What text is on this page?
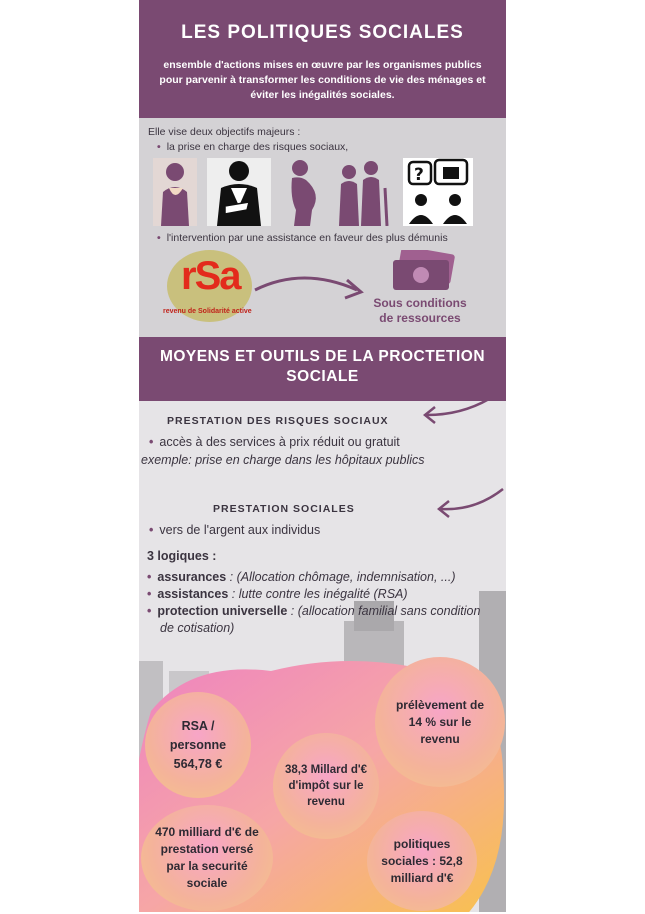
LES POLITIQUES SOCIALES

ensemble d'actions mises en œuvre par les organismes publics pour parvenir à transformer les conditions de vie des ménages et éviter les inégalités sociales.

Elle vise deux objectifs majeurs :
• la prise en charge des risques sociaux,
?
• l'intervention par une assistance en faveur des plus démunis
rSa
revenu de Solidarité active
Sous conditions de ressources
MOYENS ET OUTILS DE LA PROCTETION SOCIALE
PRESTATION DES RISQUES SOCIAUX
• accès à des services à prix réduit ou gratuit
exemple: prise en charge dans les hôpitaux publics
PRESTATION SOCIALES
• vers de l'argent aux individus
3 logiques :
• assurances : (Allocation chômage, indemnisation, ...)
• assistances : lutte contre les inégalité (RSA)
• protection universelle : (allocation familial sans condition de cotisation)
RSA / personne 564,78 €
prélèvement de 14 % sur le revenu
38,3 Millard d'€ d'impôt sur le revenu
470 milliard d'€ de prestation versé par la securité sociale
politiques sociales : 52,8 milliard d'€
